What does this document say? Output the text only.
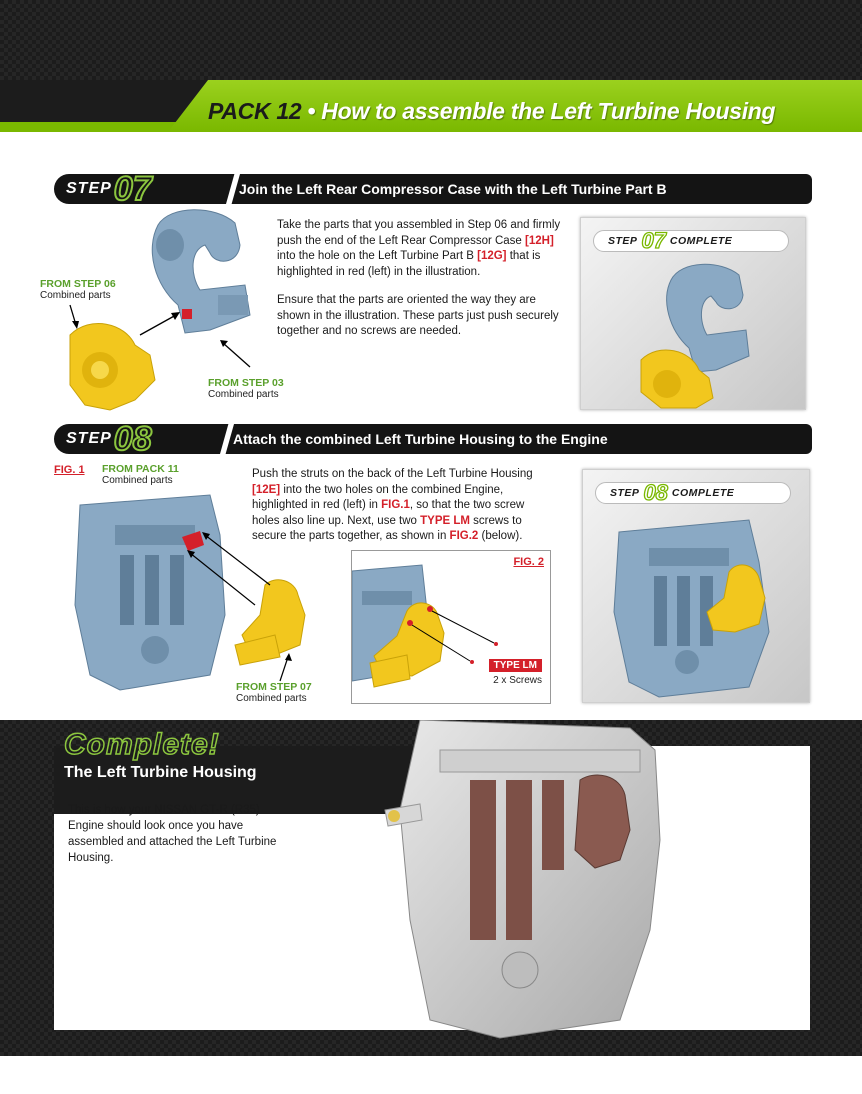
PACK 12 • How to assemble the Left Turbine Housing
STEP 07	Join the Left Rear Compressor Case with the Left Turbine Part B
FROM STEP 06
Combined parts
FROM STEP 03
Combined parts
Take the parts that you assembled in Step 06 and firmly push the end of the Left Rear Compressor Case [12H] into the hole on the Left Turbine Part B [12G] that is highlighted in red (left) in the illustration.
Ensure that the parts are oriented the way they are shown in the illustration. These parts just push securely together and no screws are needed.
STEP 07 COMPLETE
STEP 08	Attach the combined Left Turbine Housing to the Engine
FIG. 1 FROM PACK 11
Combined parts
FROM STEP 07
Combined parts
Push the struts on the back of the Left Turbine Housing [12E] into the two holes on the combined Engine, highlighted in red (left) in FIG.1, so that the two screw holes also line up. Next, use two TYPE LM screws to secure the parts together, as shown in FIG.2 (below).
FIG. 2
TYPE LM
2 x Screws
STEP 08 COMPLETE
Complete!
The Left Turbine Housing
This is how your NISSAN GT-R (R35) Engine should look once you have assembled and attached the Left Turbine Housing.
